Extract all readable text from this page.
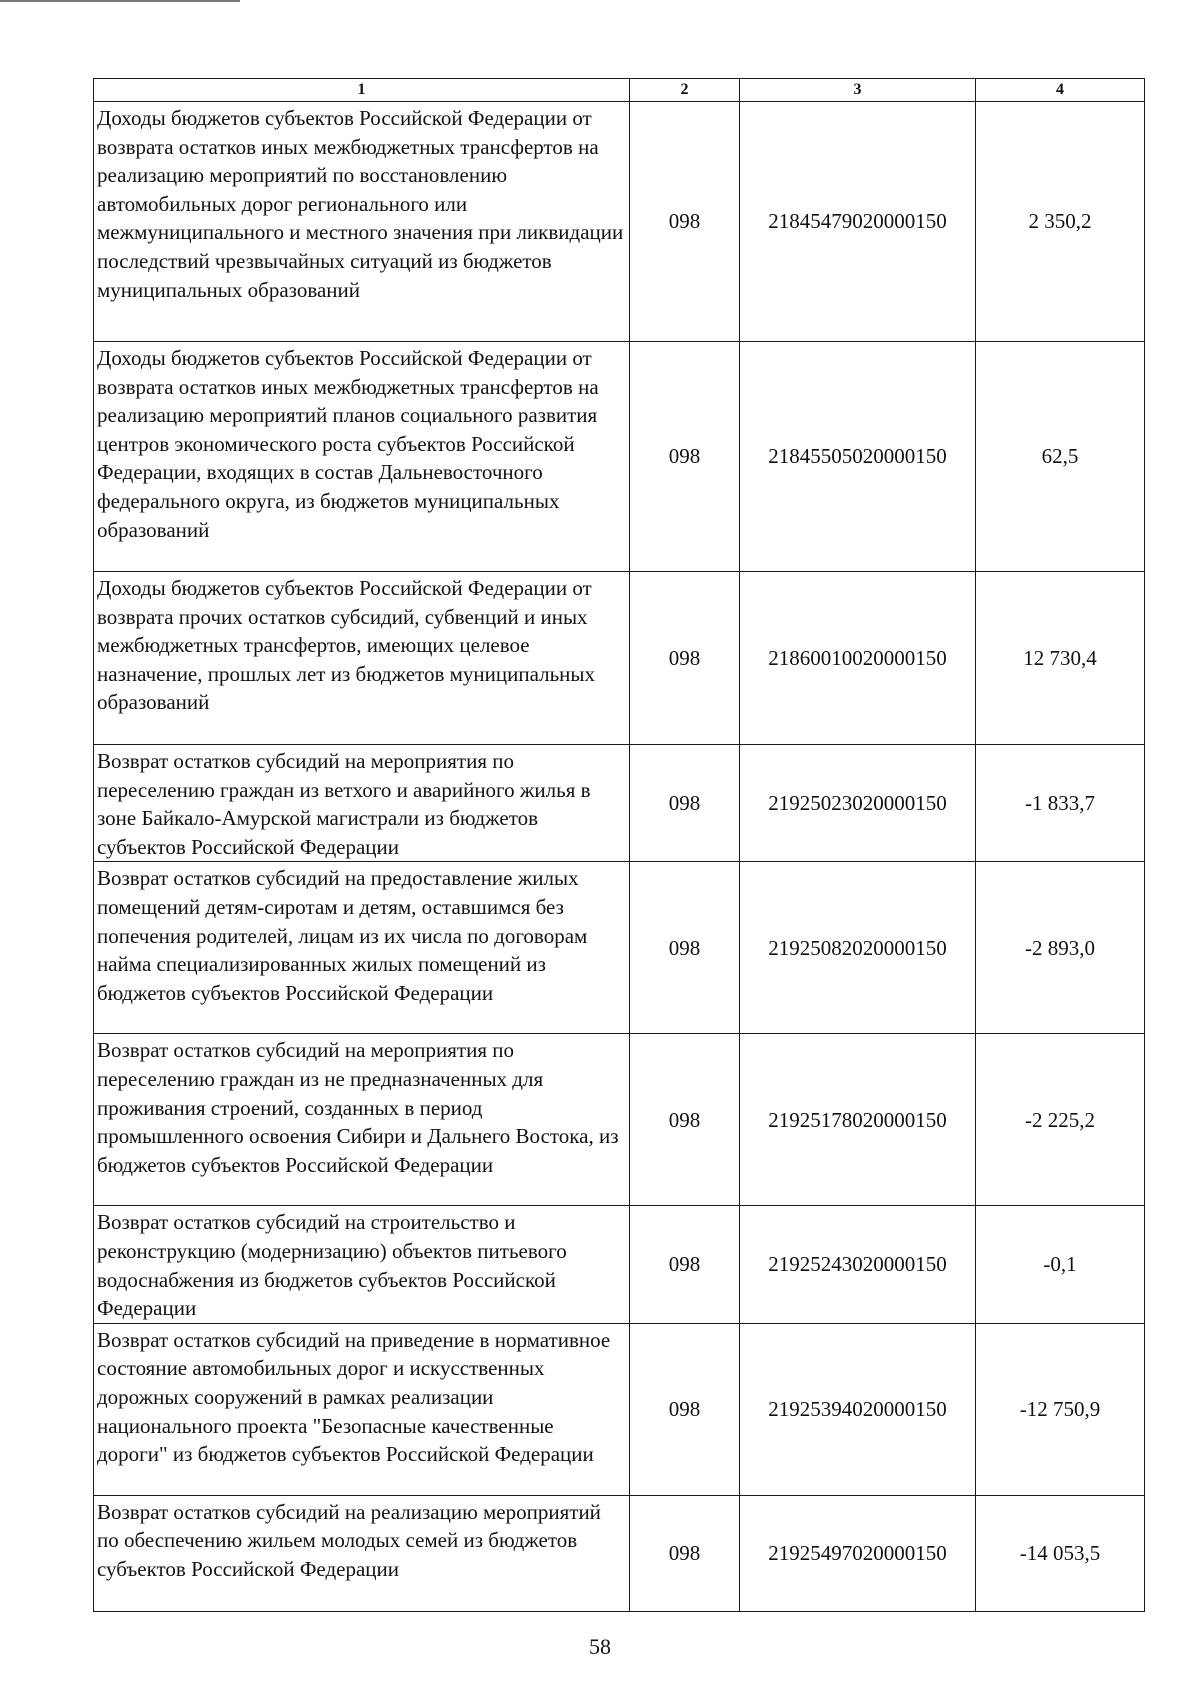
1	2	3	4
Доходы бюджетов субъектов Российской Федерации от возврата остатков иных межбюджетных трансфертов на реализацию мероприятий по восстановлению автомобильных дорог регионального или межмуниципального и местного значения при ликвидации последствий чрезвычайных ситуаций из бюджетов муниципальных образований	098	21845479020000150	2 350,2
Доходы бюджетов субъектов Российской Федерации от возврата остатков иных межбюджетных трансфертов на реализацию мероприятий планов социального развития центров экономического роста субъектов Российской Федерации, входящих в состав Дальневосточного федерального округа, из бюджетов муниципальных образований	098	21845505020000150	62,5
Доходы бюджетов субъектов Российской Федерации от возврата прочих остатков субсидий, субвенций и иных межбюджетных трансфертов, имеющих целевое назначение, прошлых лет из бюджетов муниципальных образований	098	21860010020000150	12 730,4
Возврат остатков субсидий на мероприятия по переселению граждан из ветхого и аварийного жилья в зоне Байкало-Амурской магистрали из бюджетов субъектов Российской Федерации	098	21925023020000150	-1 833,7
Возврат остатков субсидий на предоставление жилых помещений детям-сиротам и детям, оставшимся без попечения родителей, лицам из их числа по договорам найма специализированных жилых помещений из бюджетов субъектов Российской Федерации	098	21925082020000150	-2 893,0
Возврат остатков субсидий на мероприятия по переселению граждан из не предназначенных для проживания строений, созданных в период промышленного освоения Сибири и Дальнего Востока, из бюджетов субъектов Российской Федерации	098	21925178020000150	-2 225,2
Возврат остатков субсидий на строительство и реконструкцию (модернизацию) объектов питьевого водоснабжения из бюджетов субъектов Российской Федерации	098	21925243020000150	-0,1
Возврат остатков субсидий на приведение в нормативное состояние автомобильных дорог и искусственных дорожных сооружений в рамках реализации национального проекта "Безопасные качественные дороги" из бюджетов субъектов Российской Федерации	098	21925394020000150	-12 750,9
Возврат остатков субсидий на реализацию мероприятий по обеспечению жильем молодых семей из бюджетов субъектов Российской Федерации	098	21925497020000150	-14 053,5
58
